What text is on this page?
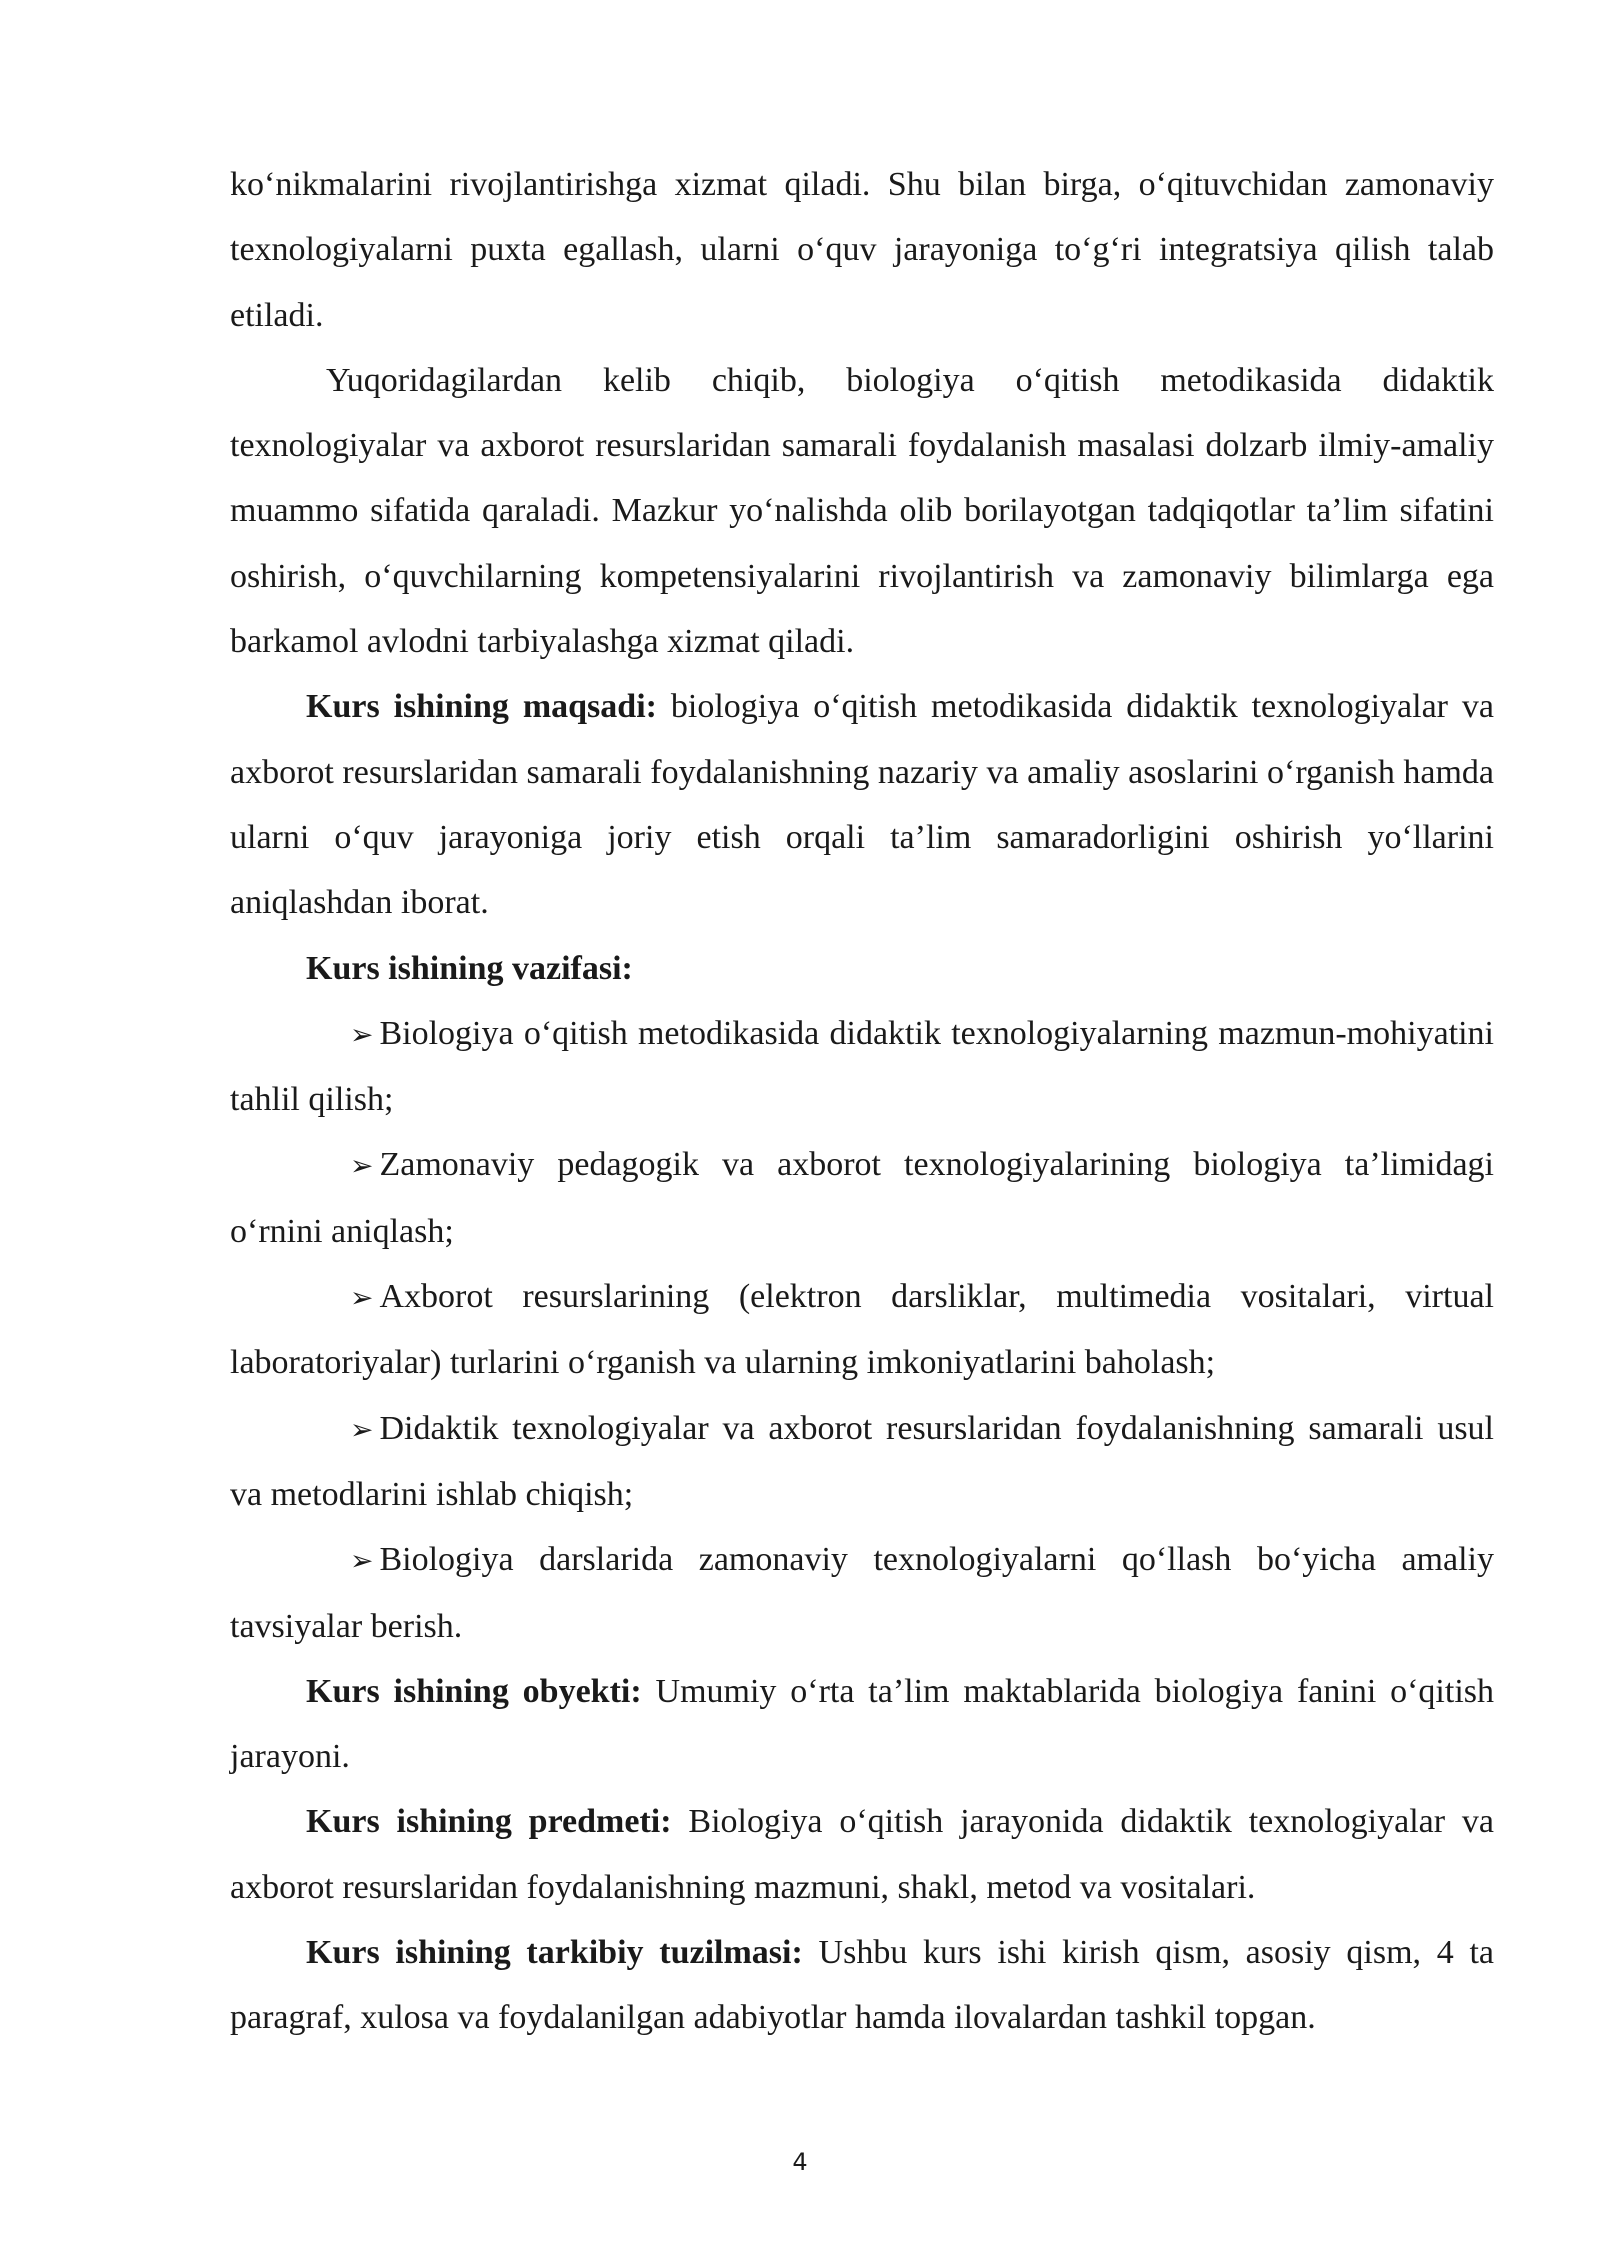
ko‘nikmalarini rivojlantirishga xizmat qiladi. Shu bilan birga, o‘qituvchidan zamonaviy texnologiyalarni puxta egallash, ularni o‘quv jarayoniga to‘g‘ri integratsiya qilish talab etiladi.

Yuqoridagilardan kelib chiqib, biologiya o‘qitish metodikasida didaktik texnologiyalar va axborot resurslaridan samarali foydalanish masalasi dolzarb ilmiy-amaliy muammo sifatida qaraladi. Mazkur yo‘nalishda olib borilayotgan tadqiqotlar ta’lim sifatini oshirish, o‘quvchilarning kompetensiyalarini rivojlantirish va zamonaviy bilimlarga ega barkamol avlodni tarbiyalashga xizmat qiladi.

Kurs ishining maqsadi: biologiya o‘qitish metodikasida didaktik texnologiyalar va axborot resurslaridan samarali foydalanishning nazariy va amaliy asoslarini o‘rganish hamda ularni o‘quv jarayoniga joriy etish orqali ta’lim samaradorligini oshirish yo‘llarini aniqlashdan iborat.

Kurs ishining vazifasi:

➢ Biologiya o‘qitish metodikasida didaktik texnologiyalarning mazmun-mohiyatini tahlil qilish;

➢ Zamonaviy pedagogik va axborot texnologiyalarining biologiya ta’limidagi o‘rnini aniqlash;

➢ Axborot resurslarining (elektron darsliklar, multimedia vositalari, virtual laboratoriyalar) turlarini o‘rganish va ularning imkoniyatlarini baholash;

➢ Didaktik texnologiyalar va axborot resurslaridan foydalanishning samarali usul va metodlarini ishlab chiqish;

➢ Biologiya darslarida zamonaviy texnologiyalarni qo‘llash bo‘yicha amaliy tavsiyalar berish.

Kurs ishining obyekti: Umumiy o‘rta ta’lim maktablarida biologiya fanini o‘qitish jarayoni.

Kurs ishining predmeti: Biologiya o‘qitish jarayonida didaktik texnologiyalar va axborot resurslaridan foydalanishning mazmuni, shakl, metod va vositalari.

Kurs ishining tarkibiy tuzilmasi: Ushbu kurs ishi kirish qism, asosiy qism, 4 ta paragraf, xulosa va foydalanilgan adabiyotlar hamda ilovalardan tashkil topgan.

4
